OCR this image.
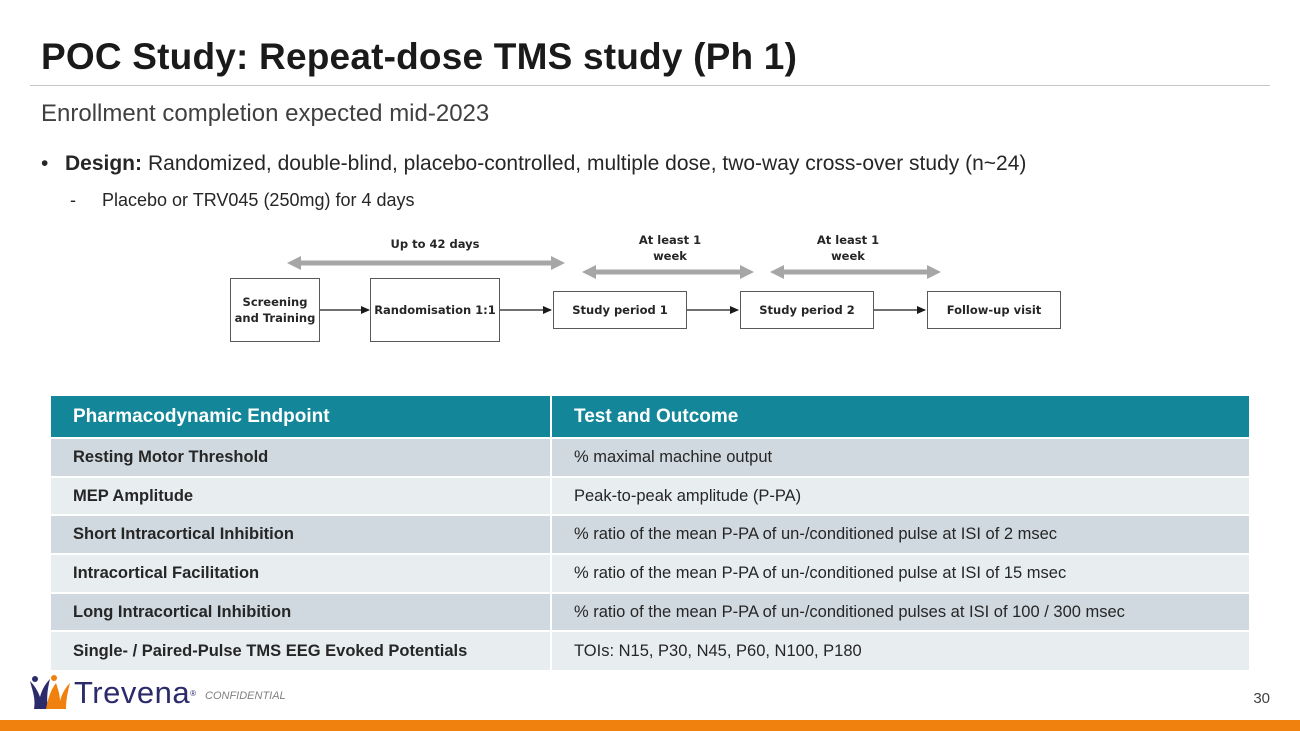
POC Study: Repeat-dose TMS study (Ph 1)
Enrollment completion expected mid-2023
• Design: Randomized, double-blind, placebo-controlled, multiple dose, two-way cross-over study (n~24)
- Placebo or TRV045 (250mg) for 4 days
Up to 42 days	At least 1
week
At least 1
week
Screening
and Training
Randomisation 1:1	Study period 1	Study period 2	Follow-up visit
Pharmacodynamic Endpoint	Test and Outcome
Resting Motor Threshold	% maximal machine output
MEP Amplitude	Peak-to-peak amplitude (P-PA)
Short Intracortical Inhibition	% ratio of the mean P-PA of un-/conditioned pulse at ISI of 2 msec
Intracortical Facilitation	% ratio of the mean P-PA of un-/conditioned pulse at ISI of 15 msec
Long Intracortical Inhibition	% ratio of the mean P-PA of un-/conditioned pulses at ISI of 100 / 300 msec
Single- / Paired-Pulse TMS EEG Evoked Potentials	TOIs: N15, P30, N45, P60, N100, P180
Trevena ® CONFIDENTIAL	30
